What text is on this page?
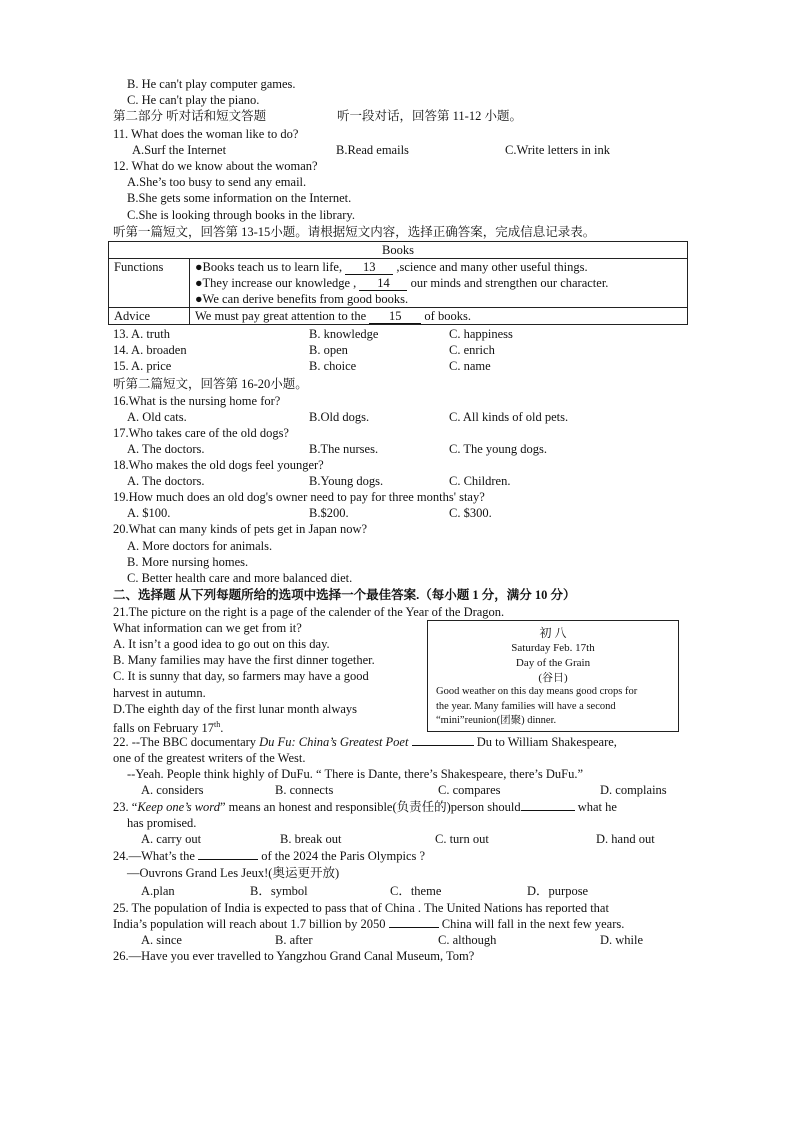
B. He can't play computer games.
C. He can't play the piano.
第二部分 听对话和短文答题	听一段对话，回答第 11-12 小题。
11. What does the woman like to do?
A.Surf the Internet	B.Read emails	C.Write letters in ink
12. What do we know about the woman?
A.She’s too busy to send any email.
B.She gets some information on the Internet.
C.She is looking through books in the library.
听第一篇短文，回答第 13-15小题。请根据短文内容，选择正确答案，完成信息记录表。
Books	
Functions	●Books teach us to learn life, 13 ,science and many other useful things.
●They increase our knowledge , 14 our minds and strengthen our character.
●We can derive benefits from good books.

Advice	We must pay great attention to the 15 of books.
13. A. truth	B. knowledge	C. happiness
14. A. broaden	B. open	C. enrich
15. A. price	B. choice	C. name
听第二篇短文，回答第 16-20小题。
16.What is the nursing home for?
A. Old cats.	B.Old dogs.	C. All kinds of old pets.
17.Who takes care of the old dogs?
A. The doctors.	B.The nurses.	C. The young dogs.
18.Who makes the old dogs feel younger?
A. The doctors.	B.Young dogs.	C. Children.
19.How much does an old dog's owner need to pay for three months' stay?
A. $100.	B.$200.	C. $300.
20.What can many kinds of pets get in Japan now?
A. More doctors for animals.
B. More nursing homes.
C. Better health care and more balanced diet.
二、选择题 从下列每题所给的选项中选择一个最佳答案.（每小题 1 分，满分 10 分）
21.The picture on the right is a page of the calender of the Year of the Dragon.
What information can we get from it?
A. It isn’t a good idea to go out on this day.
B. Many families may have the first dinner together.
C. It is sunny that day, so farmers may have a good
harvest in autumn.
D.The eighth day of the first lunar month always
falls on February 17th.
初 八
Saturday Feb. 17th
Day of the Grain
(谷日)
Good weather on this day means good crops for
the year. Many families will have a second
“mini”reunion(团聚) dinner.
22. --The BBC documentary Du Fu: China’s Greatest Poet	Du to William Shakespeare,
one of the greatest writers of the West.
--Yeah. People think highly of DuFu. “ There is Dante, there’s Shakespeare, there’s DuFu.”
A. considers	B. connects	C. compares	D. complains
23. “Keep one’s word” means an honest and responsible(负责任的)person should	what he
has promised.
A. carry out	B. break out	C. turn out	D. hand out
24.—What’s the	of the 2024 the Paris Olympics ?
—Ouvrons Grand Les Jeux!(奥运更开放)
A.plan	B．symbol	C．theme	D．purpose
25. The population of India is expected to pass that of China . The United Nations has reported that
India’s population will reach about 1.7 billion by 2050	China will fall in the next few years.
A. since	B. after	C. although	D. while
26.—Have you ever travelled to Yangzhou Grand Canal Museum, Tom?
